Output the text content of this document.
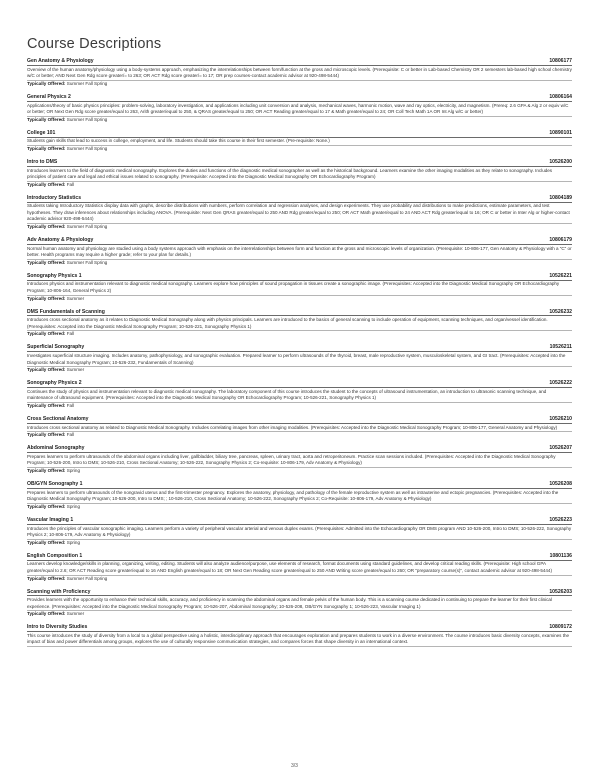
Course Descriptions
Gen Anatomy & Physiology	10806177
Overview of the human anatomy/physiology using a body-systems approach, emphasizing the interrelationships between form/function at the gross and microscopic levels. (Prerequisite: C or better in Lab-based Chemistry OR 2 semesters lab-based high school chemistry w/C or better; AND Next Gen Rdg score greater/= to 263; OR ACT Rdg score greater/= to 17; OR prep courses-contact academic advisor at 920-498-5444)
Typically Offered: Summer Fall Spring
General Physics 2	10806164
Applications/theory of basic physics principles: problem-solving, laboratory investigation, and applications including unit conversion and analysis, mechanical waves, harmonic motion, wave and ray optics, electricity, and magnetism. (Prereq: 2.6 GPA & Alg 2 or equiv w/C or better; OR Next Gen Rdg score greater/equal to 263, Arith greater/equal to 250, & QRAS greater/equal to 250; OR ACT Reading greater/equal to 17 & Math greater/equal to 24; OR Coll Tech Math 1A OR Int Alg w/C or better)
Typically Offered: Summer Fall Spring
College 101	10890101
Students gain skills that lead to success in college, employment, and life. Students should take this course in their first semester. (Pre-requisite: None.)
Typically Offered: Summer Fall Spring
Intro to DMS	10526200
Introduces learners to the field of diagnostic medical sonography. Explores the duties and functions of the diagnostic medical sonographer as well as the historical background. Learners examine the other imaging modalities as they relate to sonography. Includes principles of patient care and legal and ethical issues related to sonography. (Prerequisite: Accepted into the Diagnostic Medical Sonography OR Echocardiography Program)
Typically Offered: Fall
Introductory Statistics	10804189
Students taking Introductory Statistics display data with graphs, describe distributions with numbers, perform correlation and regression analyses, and design experiments. They use probability and distributions to make predictions, estimate parameters, and test hypotheses. They draw inferences about relationships including ANOVA. (Prerequisite: Next Gen QRAS greater/equal to 250 AND Rdg greater/equal to 250; OR ACT Math greater/equal to 24 AND ACT Rdg greater/equal to 16; OR C or better in Inter Alg or higher-contact academic advisor 920-498-5444)
Typically Offered: Summer Fall Spring
Adv Anatomy & Physiology	10806179
Normal human anatomy and physiology are studied using a body systems approach with emphasis on the interrelationships between form and function at the gross and microscopic levels of organization. (Prerequisite: 10-806-177, Gen Anatomy & Physiology with a "C" or better. Health programs may require a higher grade; refer to your plan for details.)
Typically Offered: Summer Fall Spring
Sonography Physics 1	10526221
Introduces physics and instrumentation relevant to diagnostic medical sonography. Learners explore how principles of sound propagation in tissues create a sonographic image. (Prerequisites: Accepted into the Diagnostic Medical Sonography OR Echocardiography Program; 10-806-164, General Physics 2)
Typically Offered: Summer
DMS Fundamentals of Scanning	10526232
Introduces cross sectional anatomy as it relates to Diagnostic Medical Sonography along with physics principals. Learners are introduced to the basics of general scanning to include operation of equipment, scanning techniques, and organ/vessel identification. (Prerequisites: Accepted into the Diagnostic Medical Sonography Program; 10-526-221, Sonography Physics 1)
Typically Offered: Fall
Superficial Sonography	10526211
Investigates superficial structure imaging. Includes anatomy, pathophysiology, and sonographic evaluation. Prepared learner to perform ultrasounds of the thyroid, breast, male reproductive system, musculoskeletal system, and GI tract. (Prerequisites: Accepted into the Diagnostic Medical Sonography Program; 10-526-232, Fundamentals of Scanning)
Typically Offered: Summer
Sonography Physics 2	10526222
Continues the study of physics and instrumentation relevant to diagnostic medical sonography. The laboratory component of this course introduces the student to the concepts of ultrasound instrumentation, an introduction to ultrasonic scanning technique, and maintenance of ultrasound equipment. (Prerequisites: Accepted into the Diagnostic Medical Sonography OR Echocardiography Program; 10-526-221, Sonography Physics 1)
Typically Offered: Fall
Cross Sectional Anatomy	10526210
Introduces cross sectional anatomy as related to Diagnostic Medical Sonography. Includes correlating images from other imaging modalities. (Prerequisites: Accepted into the Diagnostic Medical Sonography Program; 10-806-177, General Anatomy and Physiology)
Typically Offered: Fall
Abdominal Sonography	10526207
Prepares learners to perform ultrasounds of the abdominal organs including liver, gallbladder, biliary tree, pancreas, spleen, urinary tract, aorta and retroperitoneum. Practice scan sessions included. (Prerequisites: Accepted into the Diagnostic Medical Sonography Program; 10-526-200, Intro to DMS; 10-526-210, Cross Sectional Anatomy; 10-526-222, Sonography Physics 2; Co-requisite: 10-806-179, Adv Anatomy & Physiology)
Typically Offered: Spring
OB/GYN Sonography 1	10526208
Prepares learners to perform ultrasounds of the nongravid uterus and the first-trimester pregnancy. Explores the anatomy, physiology, and pathology of the female reproductive system as well as intrauterine and ectopic pregnancies. (Prerequisites: Accepted into the Diagnostic Medical Sonography Program; 10-526-200, Intro to DMS; ; 10-526-210, Cross Sectional Anatomy; 10-526-222, Sonography Physics 2; Co-Requisite: 10-806-179, Adv Anatomy & Physiology)
Typically Offered: Spring
Vascular Imaging 1	10526223
Introduces the principles of vascular sonographic imaging. Learners perform a variety of peripheral vascular arterial and venous duplex exams. (Prerequisites: Admitted into the Echocardiography OR DMS program AND 10-526-200, Intro to DMS; 10-526-222, Sonography Physics 2; 10-806-179, Adv Anatomy & Physiology)
Typically Offered: Spring
English Composition 1	10801136
Learners develop knowledge/skills in planning, organizing, writing, editing. Students will also analyze audience/purpose, use elements of research, format documents using standard guidelines, and develop critical reading skills. (Prerequisite: High school GPA greater/equal to 2.6; OR ACT Reading score greater/equal to 16 AND English greater/equal to 18; OR Next Gen Reading score greater/equal to 250 AND Writing score greater/equal to 260; OR "preparatory course(s)", contact academic advisor at 920-498-5444)
Typically Offered: Summer Fall Spring
Scanning with Proficiency	10526203
Provides learners with the opportunity to enhance their technical skills, accuracy, and proficiency in scanning the abdominal organs and female pelvis of the human body. This is a scanning course dedicated in continuing to prepare the learner for their first clinical experience. (Prerequisites: Accepted into the Diagnostic Medical Sonography Program; 10-526-207, Abdominal Sonography; 10-526-208, OB/GYN Sonography 1; 10-526-223, Vascular Imaging 1)
Typically Offered: Summer
Intro to Diversity Studies	10809172
This course introduces the study of diversity from a local to a global perspective using a holistic, interdisciplinary approach that encourages exploration and prepares students to work in a diverse environment. The course introduces basic diversity concepts, examines the impact of bias and power differentials among groups, explores the use of culturally responsive communication strategies, and compares forces that shape diversity in an international context.
3/3
